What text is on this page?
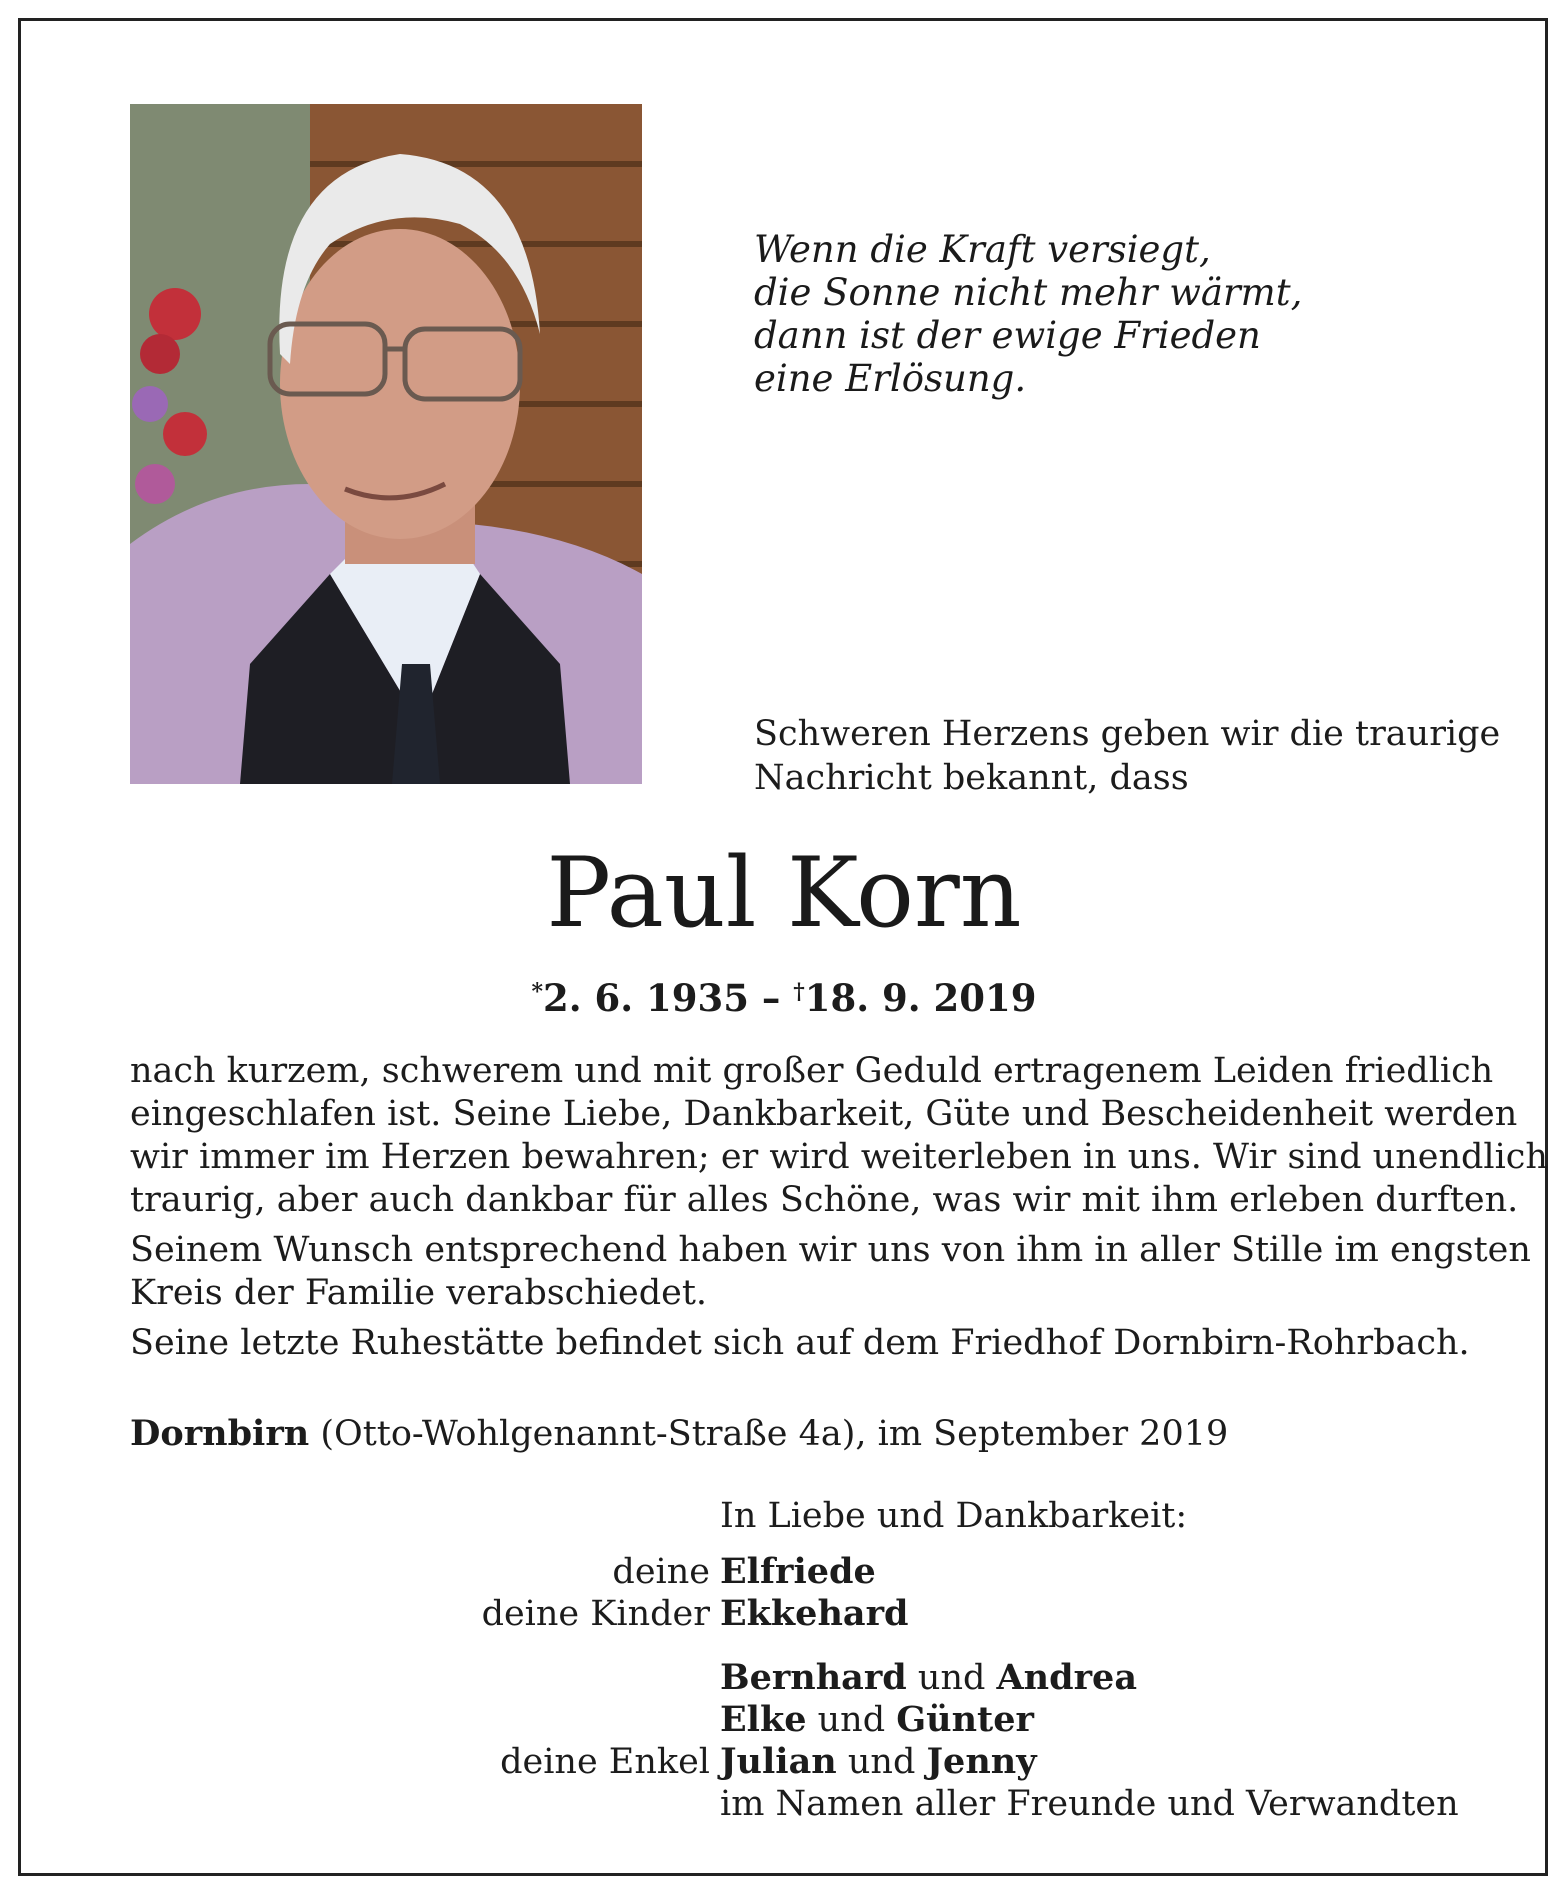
Wenn die Kraft versiegt,
die Sonne nicht mehr wärmt,
dann ist der ewige Frieden
eine Erlösung.
Schweren Herzens geben wir die traurige
Nachricht bekannt, dass
Paul Korn
*2. 6. 1935 – †18. 9. 2019
nach kurzem, schwerem und mit großer Geduld ertragenem Leiden friedlich
eingeschlafen ist. Seine Liebe, Dankbarkeit, Güte und Bescheidenheit werden
wir immer im Herzen bewahren; er wird weiterleben in uns. Wir sind unendlich
traurig, aber auch dankbar für alles Schöne, was wir mit ihm erleben durften.
Seinem Wunsch entsprechend haben wir uns von ihm in aller Stille im engsten
Kreis der Familie verabschiedet.
Seine letzte Ruhestätte befindet sich auf dem Friedhof Dornbirn-Rohrbach.
Dornbirn (Otto-Wohlgenannt-Straße 4a), im September 2019
In Liebe und Dankbarkeit:
deine Elfriede
deine Kinder Ekkehard
Bernhard und Andrea
Elke und Günter
deine Enkel Julian und Jenny
im Namen aller Freunde und Verwandten
